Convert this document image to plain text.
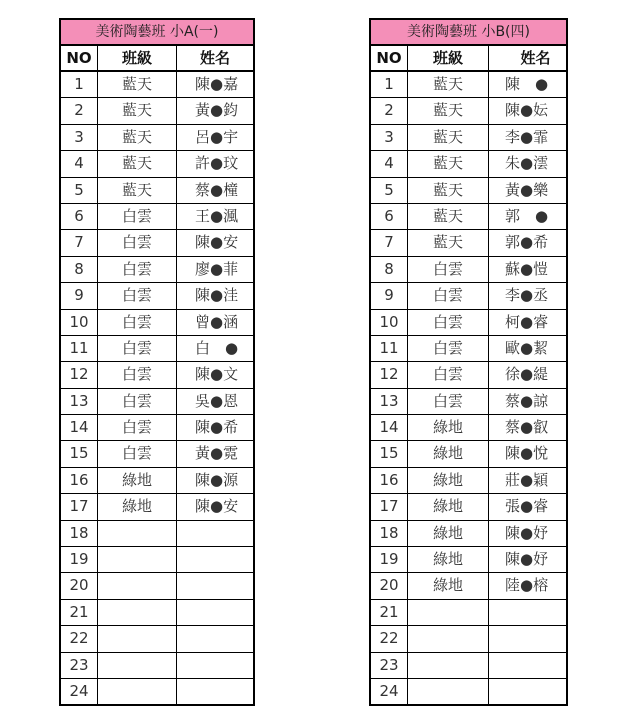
美術陶藝班 小A(一)
NO	班級	姓名
1	藍天	陳●嘉
2	藍天	黃●鈞
3	藍天	呂●宇
4	藍天	許●玟
5	藍天	蔡●橦
6	白雲	王●渢
7	白雲	陳●安
8	白雲	廖●菲
9	白雲	陳●洼
10	白雲	曾●涵
11	白雲	白　●
12	白雲	陳●文
13	白雲	吳●恩
14	白雲	陳●希
15	白雲	黃●霓
16	綠地	陳●源
17	綠地	陳●安
18
19
20
21
22
23
24
美術陶藝班 小B(四)
NO	班級	姓名
1	藍天	陳　●
2	藍天	陳●妘
3	藍天	李●霏
4	藍天	朱●澐
5	藍天	黃●樂
6	藍天	郭　●
7	藍天	郭●希
8	白雲	蘇●愷
9	白雲	李●丞
10	白雲	柯●睿
11	白雲	歐●絜
12	白雲	徐●緹
13	白雲	蔡●諒
14	綠地	蔡●叡
15	綠地	陳●悅
16	綠地	莊●穎
17	綠地	張●睿
18	綠地	陳●妤
19	綠地	陳●妤
20	綠地	陸●榕
21
22
23
24
